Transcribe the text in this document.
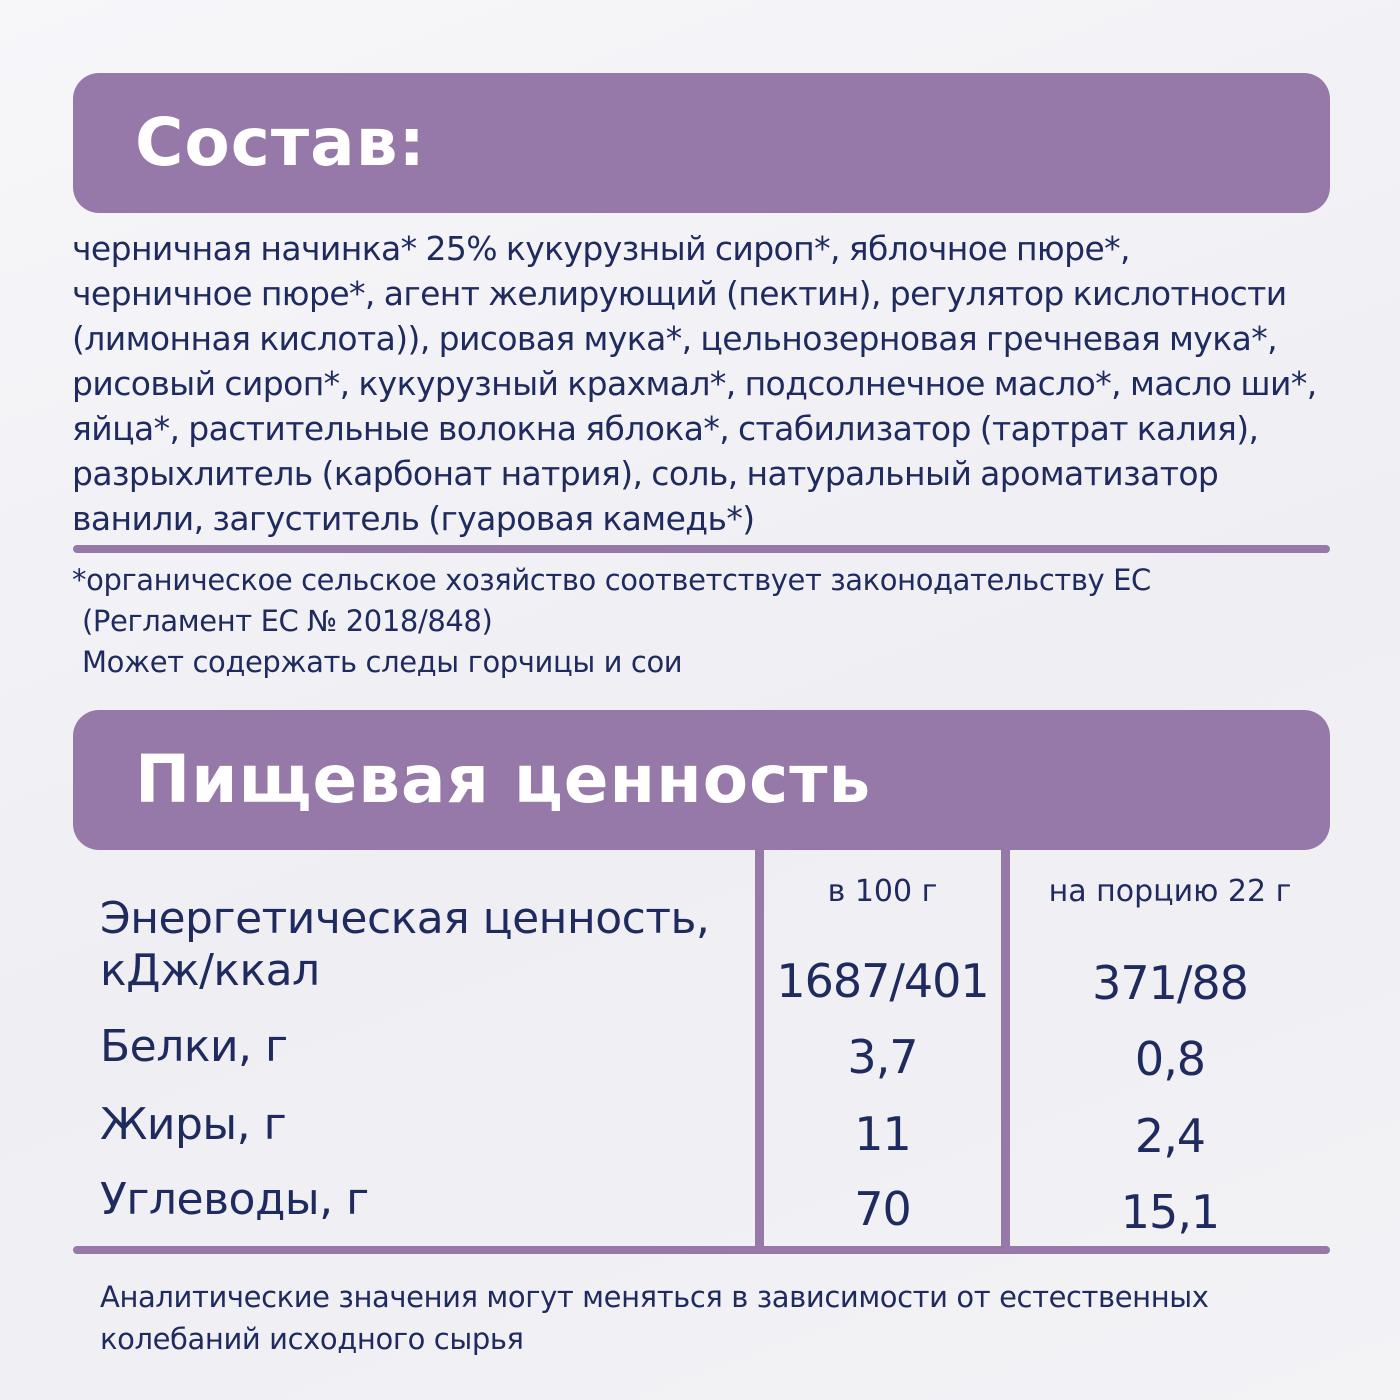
Состав:
черничная начинка* 25% кукурузный сироп*, яблочное пюре*,
черничное пюре*, агент желирующий (пектин), регулятор кислотности
(лимонная кислота)), рисовая мука*, цельнозерновая гречневая мука*,
рисовый сироп*, кукурузный крахмал*, подсолнечное масло*, масло ши*,
яйца*, растительные волокна яблока*, стабилизатор (тартрат калия),
разрыхлитель (карбонат натрия), соль, натуральный ароматизатор
ванили, загуститель (гуаровая камедь*)
*органическое сельское хозяйство соответствует законодательству ЕС
(Регламент ЕС № 2018/848)
Может содержать следы горчицы и сои
Пищевая ценность
в 100 г	на порцию 22 г
Энергетическая ценность,
кДж/ккал	1687/401	371/88
Белки, г	3,7	0,8
Жиры, г	11	2,4
Углеводы, г	70	15,1
Аналитические значения могут меняться в зависимости от естественных
колебаний исходного сырья
